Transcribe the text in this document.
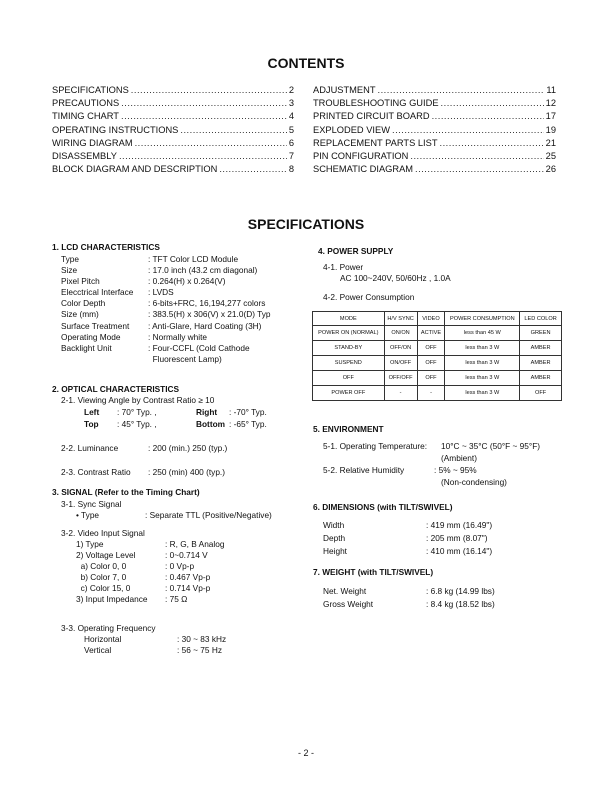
CONTENTS
SPECIFICATIONS .....	2
PRECAUTIONS .....	3
TIMING CHART .....	4
OPERATING INSTRUCTIONS .....	5
WIRING DIAGRAM .....	6
DISASSEMBLY .....	7
BLOCK DIAGRAM AND DESCRIPTION .....	8
ADJUSTMENT .....	11
TROUBLESHOOTING GUIDE .....	12
PRINTED CIRCUIT BOARD .....	17
EXPLODED VIEW .....	19
REPLACEMENT PARTS LIST .....	21
PIN CONFIGURATION .....	25
SCHEMATIC DIAGRAM .....	26
SPECIFICATIONS
1. LCD CHARACTERISTICS
Type	: TFT Color LCD Module
Size	: 17.0 inch (43.2 cm diagonal)
Pixel Pitch	: 0.264(H) x 0.264(V)
Elecctrical Interface	: LVDS
Color Depth	: 6-bits+FRC, 16,194,277 colors
Size (mm)	: 383.5(H) x 306(V) x 21.0(D) Typ
Surface Treatment	: Anti-Glare, Hard Coating (3H)
Operating Mode	: Normally white
Backlight Unit	: Four-CCFL (Cold Cathode
Fluorescent Lamp)
2. OPTICAL CHARACTERISTICS
2-1. Viewing Angle by Contrast Ratio ≥ 10
Left : 70° Typ. ,	Right : -70° Typ.
Top : 45° Typ. ,	Bottom : -65° Typ.
2-2. Luminance	: 200 (min.) 250 (typ.)
2-3. Contrast Ratio : 250 (min) 400 (typ.)
3. SIGNAL (Refer to the Timing Chart)
3-1. Sync Signal
• Type	: Separate TTL (Positive/Negative)
3-2. Video Input Signal
1) Type	: R, G, B Analog
2) Voltage Level	: 0~0.714 V
a) Color 0, 0	: 0 Vp-p
b) Color 7, 0	: 0.467 Vp-p
c) Color 15, 0	: 0.714 Vp-p
3) Input Impedance	: 75 Ω
3-3. Operating Frequency
Horizontal	: 30 ~ 83 kHz
Vertical	: 56 ~ 75 Hz
4. POWER SUPPLY
4-1. Power
AC 100~240V, 50/60Hz , 1.0A
4-2. Power Consumption
MODE	H/V SYNC	VIDEO	POWER CONSUMPTION	LED COLOR
POWER ON (NORMAL)	ON/ON	ACTIVE	less than 45 W	GREEN
STAND-BY	OFF/ON	OFF	less than 3 W	AMBER
SUSPEND	ON/OFF	OFF	less than 3 W	AMBER
OFF	OFF/OFF	OFF	less than 3 W	AMBER
POWER OFF	-	-	less than 3 W	OFF
5. ENVIRONMENT
5-1. Operating Temperature: 10°C ~ 35°C (50°F ~ 95°F)
(Ambient)
5-2. Relative Humidity	: 5% ~ 95%
(Non-condensing)
6. DIMENSIONS (with TILT/SWIVEL)
Width	: 419 mm (16.49")
Depth	: 205 mm (8.07")
Height	: 410 mm (16.14")
7. WEIGHT (with TILT/SWIVEL)
Net. Weight	: 6.8 kg (14.99 lbs)
Gross Weight	: 8.4 kg (18.52 lbs)
- 2 -
